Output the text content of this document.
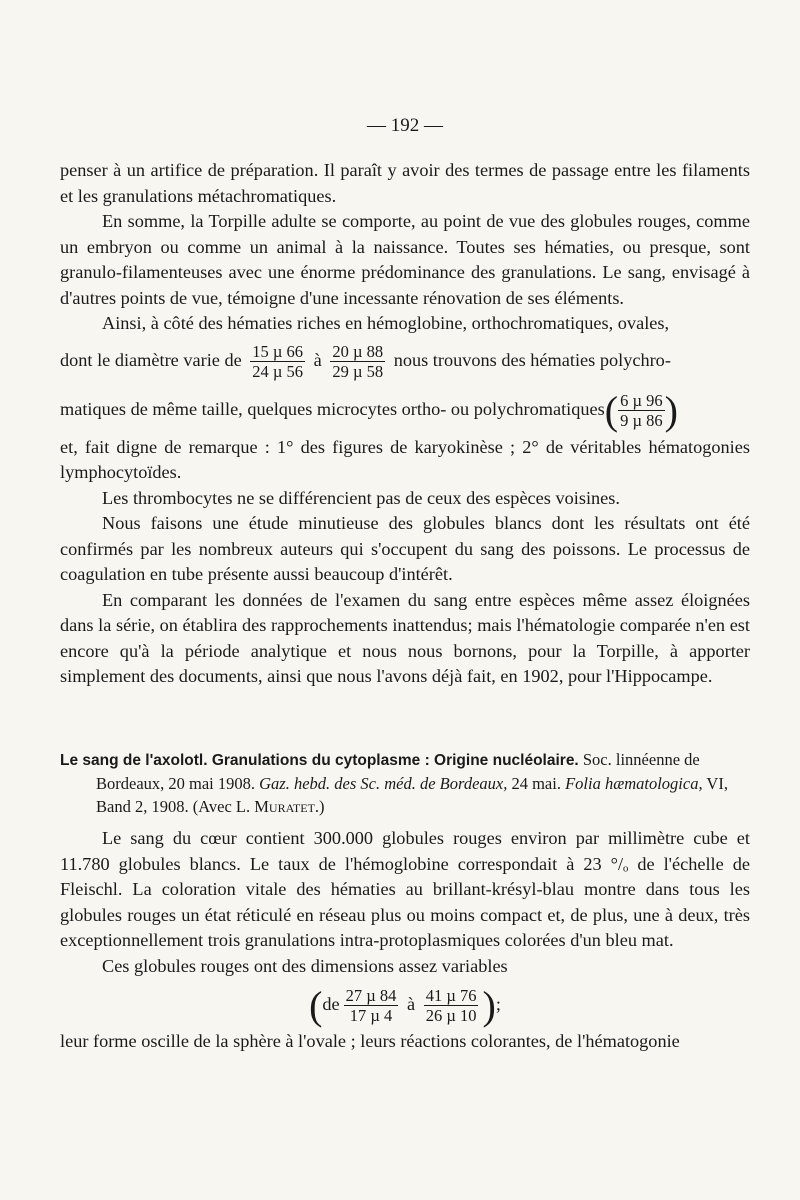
— 192 —

penser à un artifice de préparation. Il paraît y avoir des termes de passage entre les filaments et les granulations métachromatiques.

En somme, la Torpille adulte se comporte, au point de vue des globules rouges, comme un embryon ou comme un animal à la naissance. Toutes ses hématies, ou presque, sont granulo-filamenteuses avec une énorme prédominance des granulations. Le sang, envisagé à d'autres points de vue, témoigne d'une incessante rénovation de ses éléments.

Ainsi, à côté des hématies riches en hémoglobine, orthochromatiques, ovales,

dont le diamètre varie de $\frac{\text{15 µ 66}}{\text{24 µ 56}}$ à $\frac{\text{20 µ 88}}{\text{29 µ 58}}$ nous trouvons des hématies polychro-

matiques de même taille, quelques microcytes ortho- ou polychromatiques( $\frac{\text{6 µ 96}}{\text{9 µ 86}}$ )

et, fait digne de remarque : 1° des figures de karyokinèse ; 2° de véritables hématogonies lymphocytoïdes.

Les thrombocytes ne se différencient pas de ceux des espèces voisines.

Nous faisons une étude minutieuse des globules blancs dont les résultats ont été confirmés par les nombreux auteurs qui s'occupent du sang des poissons. Le processus de coagulation en tube présente aussi beaucoup d'intérêt.

En comparant les données de l'examen du sang entre espèces même assez éloignées dans la série, on établira des rapprochements inattendus; mais l'hématologie comparée n'en est encore qu'à la période analytique et nous nous bornons, pour la Torpille, à apporter simplement des documents, ainsi que nous l'avons déjà fait, en 1902, pour l'Hippocampe.

Le sang de l'axolotl. Granulations du cytoplasme : Origine nucléolaire. Soc. linnéenne de Bordeaux, 20 mai 1908. Gaz. hebd. des Sc. méd. de Bordeaux, 24 mai. Folia hæmatologica, VI, Band 2, 1908. (Avec L. Muratet.)

Le sang du cœur contient 300.000 globules rouges environ par millimètre cube et 11.780 globules blancs. Le taux de l'hémoglobine correspondait à 23 °/ₒ de l'échelle de Fleischl. La coloration vitale des hématies au brillant-krésyl-blau montre dans tous les globules rouges un état réticulé en réseau plus ou moins compact et, de plus, une à deux, très exceptionnellement trois granulations intra-protoplasmiques colorées d'un bleu mat.

Ces globules rouges ont des dimensions assez variables

($de \frac{\text{27 µ 84}}{\text{17 µ 4}}$ à $\frac{\text{41 µ 76}}{\text{26 µ 10}}$ );

leur forme oscille de la sphère à l'ovale ; leurs réactions colorantes, de l'hématogonie
